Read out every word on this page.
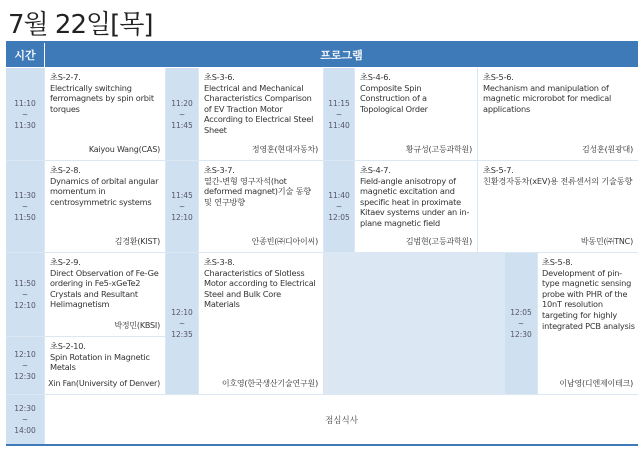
7월 22일[목]
시간	프로그램
11:10
~
11:30
11:30
~
11:50
11:50
~
12:10
12:10
~
12:30
12:30
~
14:00
초S-2-7.
Electrically switching ferromagnets by spin orbit torques
Kaiyou Wang(CAS)
초S-2-8.
Dynamics of orbital angular momentum in centrosymmetric systems
김경환(KIST)
초S-2-9.
Direct Observation of Fe-Ge ordering in Fe5-xGeTe2 Crystals and Resultant Helimagnetism
박정민(KBSI)
초S-2-10.
Spin Rotation in Magnetic Metals
Xin Fan(University of Denver)
11:20
~
11:45
11:45
~
12:10
12:10
~
12:35
초S-3-6.
Electrical and Mechanical Characteristics Comparison of EV Traction Motor According to Electrical Steel Sheet
정영훈(현대자동차)
초S-3-7.
열간-변형 영구자석(hot deformed magnet)기술 동향 및 연구방향
안종빈(㈜디아이씨)
초S-3-8.
Characteristics of Slotless Motor according to Electrical Steel and Bulk Core Materials
이호영(한국생산기술연구원)
11:15
~
11:40
11:40
~
12:05
초S-4-6.
Composite Spin Construction of a Topological Order
황규성(고등과학원)
초S-4-7.
Field-angle anisotropy of magnetic excitation and specific heat in proximate Kitaev systems under an in-plane magnetic field
김범현(고등과학원)
초S-5-6.
Mechanism and manipulation of magnetic microrobot for medical applications
김성훈(원광대)
초S-5-7.
친환경자동차(xEV)용 전류센서의 기술동향
박동민(㈜TNC)
12:05
~
12:30
초S-5-8.
Development of pin-type magnetic sensing probe with PHR of the 10nT resolution targeting for highly integrated PCB analysis
이남영(디엔제이테크)
점심식사
